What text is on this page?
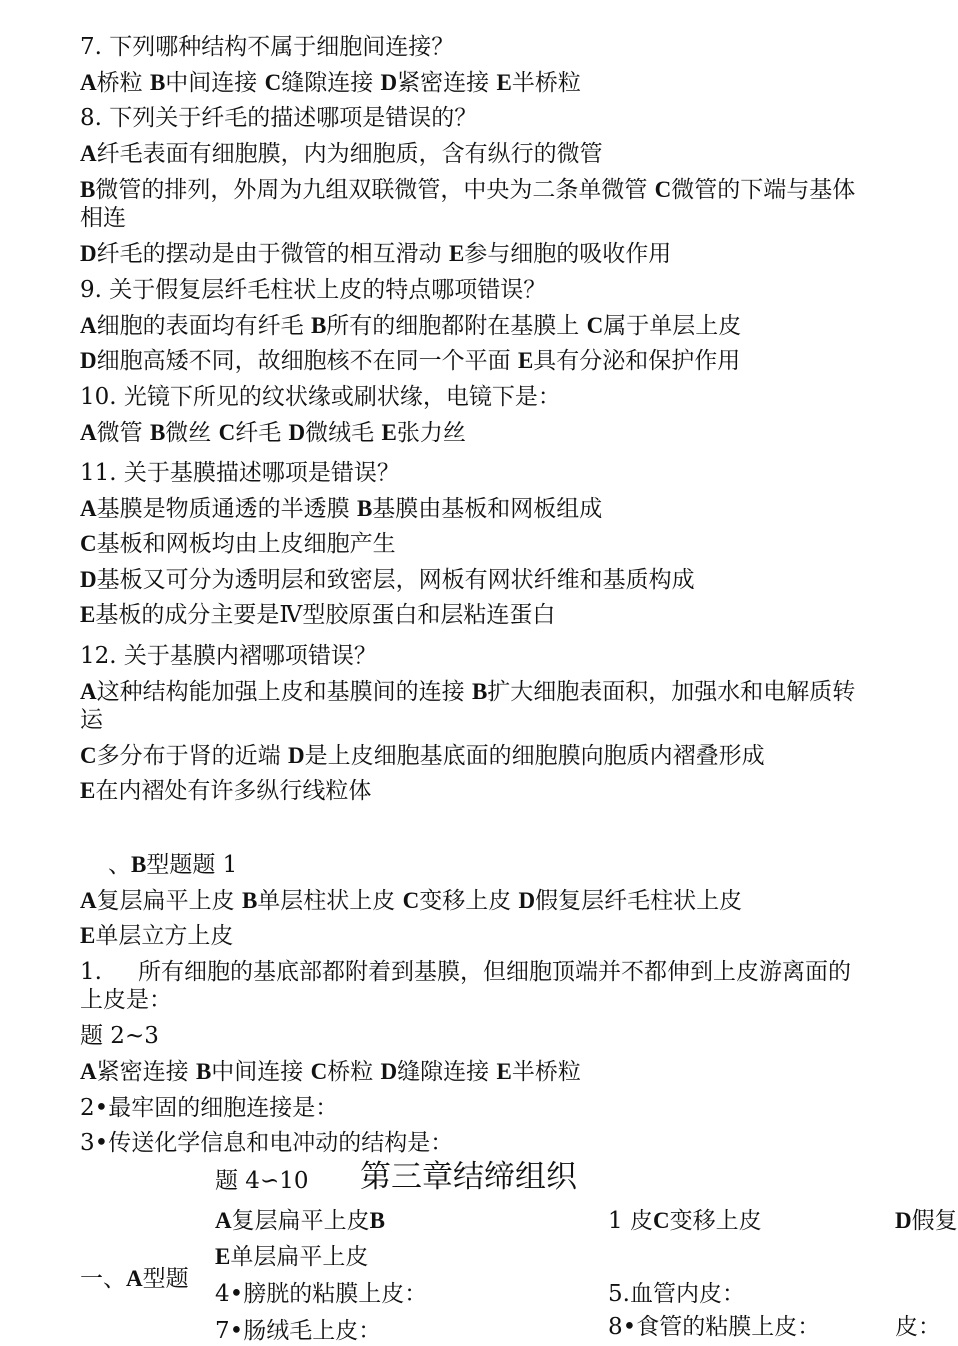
7. 下列哪种结构不属于细胞间连接？
A桥粒 B中间连接 C缝隙连接 D紧密连接 E半桥粒
8. 下列关于纤毛的描述哪项是错误的？
A纤毛表面有细胞膜，内为细胞质，含有纵行的微管
B微管的排列，外周为九组双联微管，中央为二条单微管 C微管的下端与基体相连
D纤毛的摆动是由于微管的相互滑动 E参与细胞的吸收作用
9. 关于假复层纤毛柱状上皮的特点哪项错误？
A细胞的表面均有纤毛 B所有的细胞都附在基膜上 C属于单层上皮
D细胞高矮不同，故细胞核不在同一个平面 E具有分泌和保护作用
10. 光镜下所见的纹状缘或刷状缘，电镜下是：
A微管 B微丝 C纤毛 D微绒毛 E张力丝
11. 关于基膜描述哪项是错误？
A基膜是物质通透的半透膜 B基膜由基板和网板组成
C基板和网板均由上皮细胞产生
D基板又可分为透明层和致密层，网板有网状纤维和基质构成
E基板的成分主要是Ⅳ型胶原蛋白和层粘连蛋白
12. 关于基膜内褶哪项错误？
A这种结构能加强上皮和基膜间的连接 B扩大细胞表面积，加强水和电解质转运
C多分布于肾的近端 D是上皮细胞基底面的细胞膜向胞质内褶叠形成
E在内褶处有许多纵行线粒体
、B型题题 1
A复层扁平上皮 B单层柱状上皮 C变移上皮 D假复层纤毛柱状上皮
E单层立方上皮
1. 所有细胞的基底部都附着到基膜，但细胞顶端并不都伸到上皮游离面的上皮是：
题 2~3
A紧密连接 B中间连接 C桥粒 D缝隙连接 E半桥粒
2•最牢固的细胞连接是：
3•传送化学信息和电冲动的结构是：
题 4∽10 第三章结缔组织
A复层扁平上皮B	1 皮C变移上皮	D假复
E单层扁平上皮
一、A型题
4•膀胱的粘膜上皮：	5.血管内皮：
7•肠绒毛上皮：	8•食管的粘膜上皮：	皮：
